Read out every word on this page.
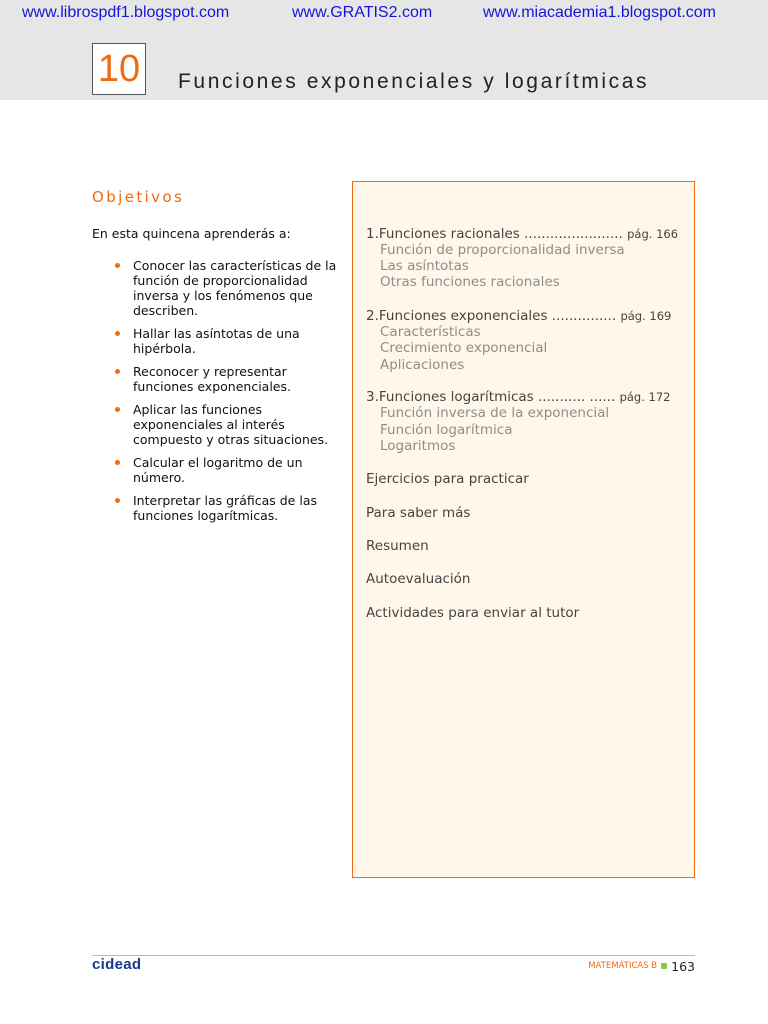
www.librospdf1.blogspot.com	www.GRATIS2.com	www.miacademia1.blogspot.com
10 Funciones exponenciales y logarítmicas
Objetivos
En esta quincena aprenderás a:
Conocer las características de la función de proporcionalidad inversa y los fenómenos que describen.
Hallar las asíntotas de una hipérbola.
Reconocer y representar funciones exponenciales.
Aplicar las funciones exponenciales al interés compuesto y otras situaciones.
Calcular el logaritmo de un número.
Interpretar las gráficas de las funciones logarítmicas.
1.Funciones racionales ....................... pág. 166
Función de proporcionalidad inversa
Las asíntotas
Otras funciones racionales
2.Funciones exponenciales ............... pág. 169
Características
Crecimiento exponencial
Aplicaciones
3.Funciones logarítmicas ........... ...... pág. 172
Función inversa de la exponencial
Función logarítmica
Logaritmos
Ejercicios para practicar
Para saber más
Resumen
Autoevaluación
Actividades para enviar al tutor
cidead	MATEMÁTICAS B 163
